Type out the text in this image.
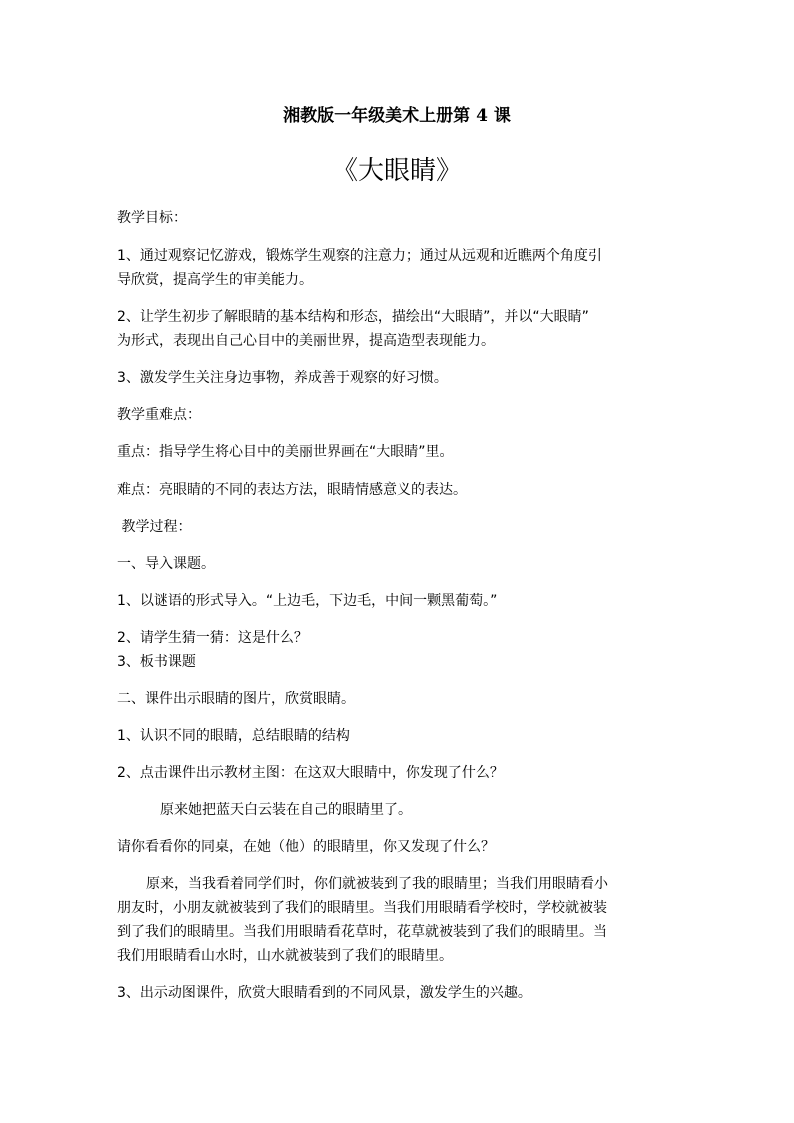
湘教版一年级美术上册第 4 课
《大眼睛》
教学目标：
1、通过观察记忆游戏，锻炼学生观察的注意力；通过从远观和近瞧两个角度引
导欣赏，提高学生的审美能力。
2、让学生初步了解眼睛的基本结构和形态，描绘出“大眼睛”，并以“大眼睛”
为形式，表现出自己心目中的美丽世界，提高造型表现能力。
3、激发学生关注身边事物，养成善于观察的好习惯。
教学重难点：
重点：指导学生将心目中的美丽世界画在“大眼睛”里。
难点：亮眼睛的不同的表达方法，眼睛情感意义的表达。
教学过程：
一、导入课题。
1、以谜语的形式导入。“上边毛，下边毛，中间一颗黑葡萄。”
2、请学生猜一猜：这是什么？
3、板书课题
二、课件出示眼睛的图片，欣赏眼睛。
1、认识不同的眼睛，总结眼睛的结构
2、点击课件出示教材主图：在这双大眼睛中，你发现了什么？
原来她把蓝天白云装在自己的眼睛里了。
请你看看你的同桌，在她（他）的眼睛里，你又发现了什么？
原来，当我看着同学们时，你们就被装到了我的眼睛里；当我们用眼睛看小
朋友时，小朋友就被装到了我们的眼睛里。当我们用眼睛看学校时，学校就被装
到了我们的眼睛里。当我们用眼睛看花草时，花草就被装到了我们的眼睛里。当
我们用眼睛看山水时，山水就被装到了我们的眼睛里。
3、出示动图课件，欣赏大眼睛看到的不同风景，激发学生的兴趣。
